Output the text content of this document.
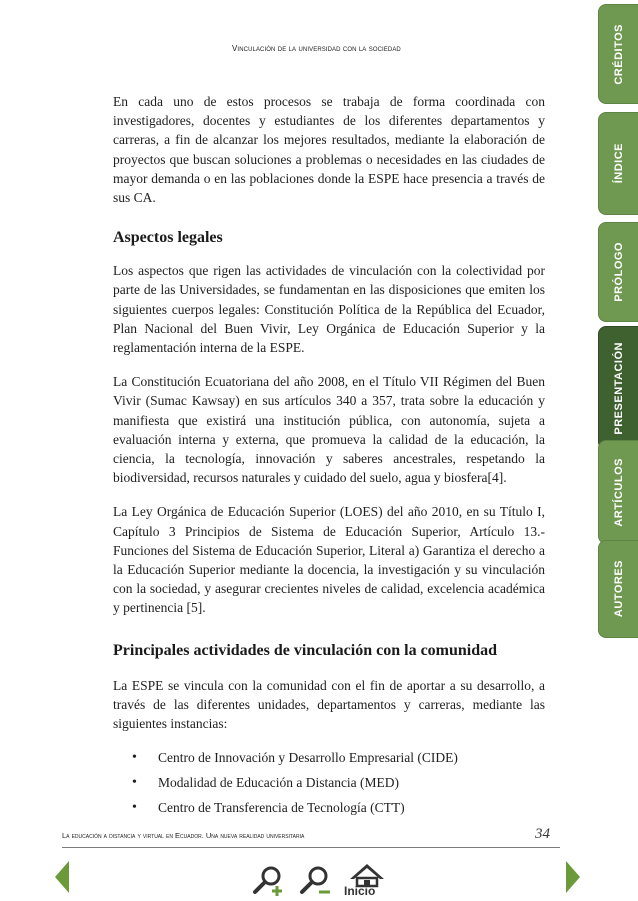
Vinculación de la universidad con la sociedad

En cada uno de estos procesos se trabaja de forma coordinada con investigadores, docentes y estudiantes de los diferentes departamentos y carreras, a fin de alcanzar los mejores resultados, mediante la elaboración de proyectos que buscan soluciones a problemas o necesidades en las ciudades de mayor demanda o en las poblaciones donde la ESPE hace presencia a través de sus CA.

Aspectos legales

Los aspectos que rigen las actividades de vinculación con la colectividad por parte de las Universidades, se fundamentan en las disposiciones que emiten los siguientes cuerpos legales: Constitución Política de la República del Ecuador, Plan Nacional del Buen Vivir, Ley Orgánica de Educación Superior y la reglamentación interna de la ESPE.

La Constitución Ecuatoriana del año 2008, en el Título VII Régimen del Buen Vivir (Sumac Kawsay) en sus artículos 340 a 357, trata sobre la educación y manifiesta que existirá una institución pública, con autonomía, sujeta a evaluación interna y externa, que promueva la calidad de la educación, la ciencia, la tecnología, innovación y saberes ancestrales, respetando la biodiversidad, recursos naturales y cuidado del suelo, agua y biosfera[4].

La Ley Orgánica de Educación Superior (LOES) del año 2010, en su Título I, Capítulo 3 Principios de Sistema de Educación Superior, Artículo 13.- Funciones del Sistema de Educación Superior, Literal a) Garantiza el derecho a la Educación Superior mediante la docencia, la investigación y su vinculación con la sociedad, y asegurar crecientes niveles de calidad, excelencia académica y pertinencia [5].

Principales actividades de vinculación con la comunidad

La ESPE se vincula con la comunidad con el fin de aportar a su desarrollo, a través de las diferentes unidades, departamentos y carreras, mediante las siguientes instancias:

• Centro de Innovación y Desarrollo Empresarial (CIDE)
• Modalidad de Educación a Distancia (MED)
• Centro de Transferencia de Tecnología (CTT)
La educación a distancia y virtual en Ecuador. Una nueva realidad universitaria	34
CRÉDITOS
ÍNDICE
PRÓLOGO
PRESENTACIÓN
ARTÍCULOS
AUTORES
Inicio
